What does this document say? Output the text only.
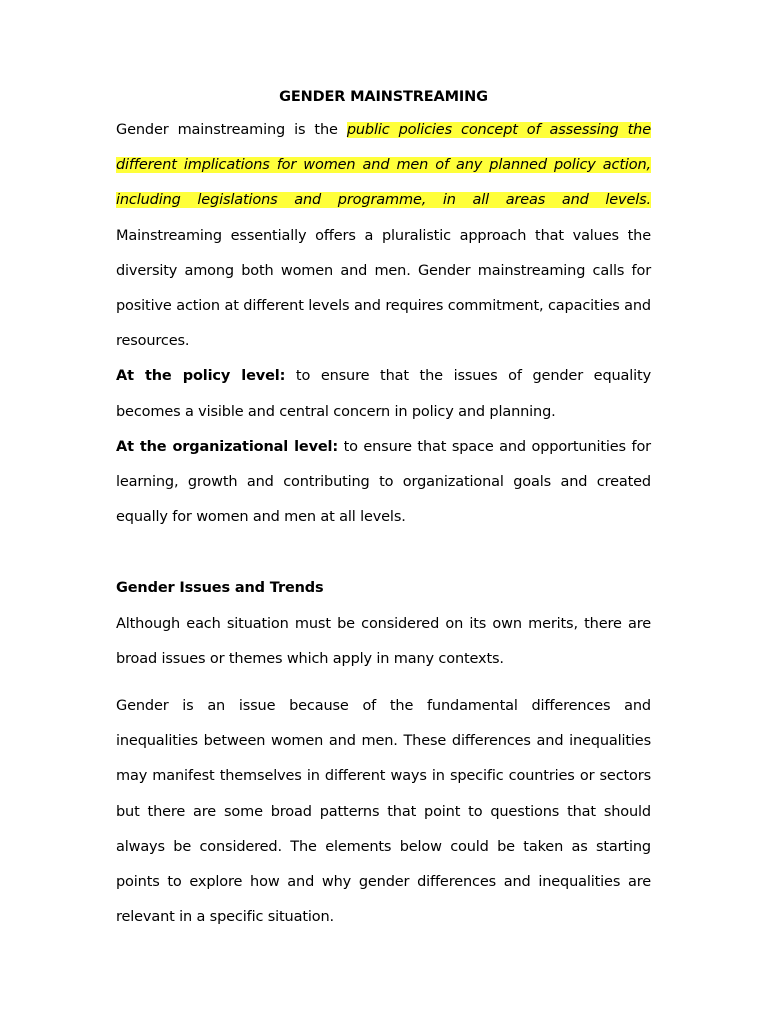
GENDER MAINSTREAMING

Gender mainstreaming is the public policies concept of assessing the different implications for women and men of any planned policy action, including legislations and programme, in all areas and levels. Mainstreaming essentially offers a pluralistic approach that values the diversity among both women and men. Gender mainstreaming calls for positive action at different levels and requires commitment, capacities and resources.

At the policy level: to ensure that the issues of gender equality becomes a visible and central concern in policy and planning.

At the organizational level: to ensure that space and opportunities for learning, growth and contributing to organizational goals and created equally for women and men at all levels.

Gender Issues and Trends

Although each situation must be considered on its own merits, there are broad issues or themes which apply in many contexts.

Gender is an issue because of the fundamental differences and inequalities between women and men. These differences and inequalities may manifest themselves in different ways in specific countries or sectors but there are some broad patterns that point to questions that should always be considered. The elements below could be taken as starting points to explore how and why gender differences and inequalities are relevant in a specific situation.
